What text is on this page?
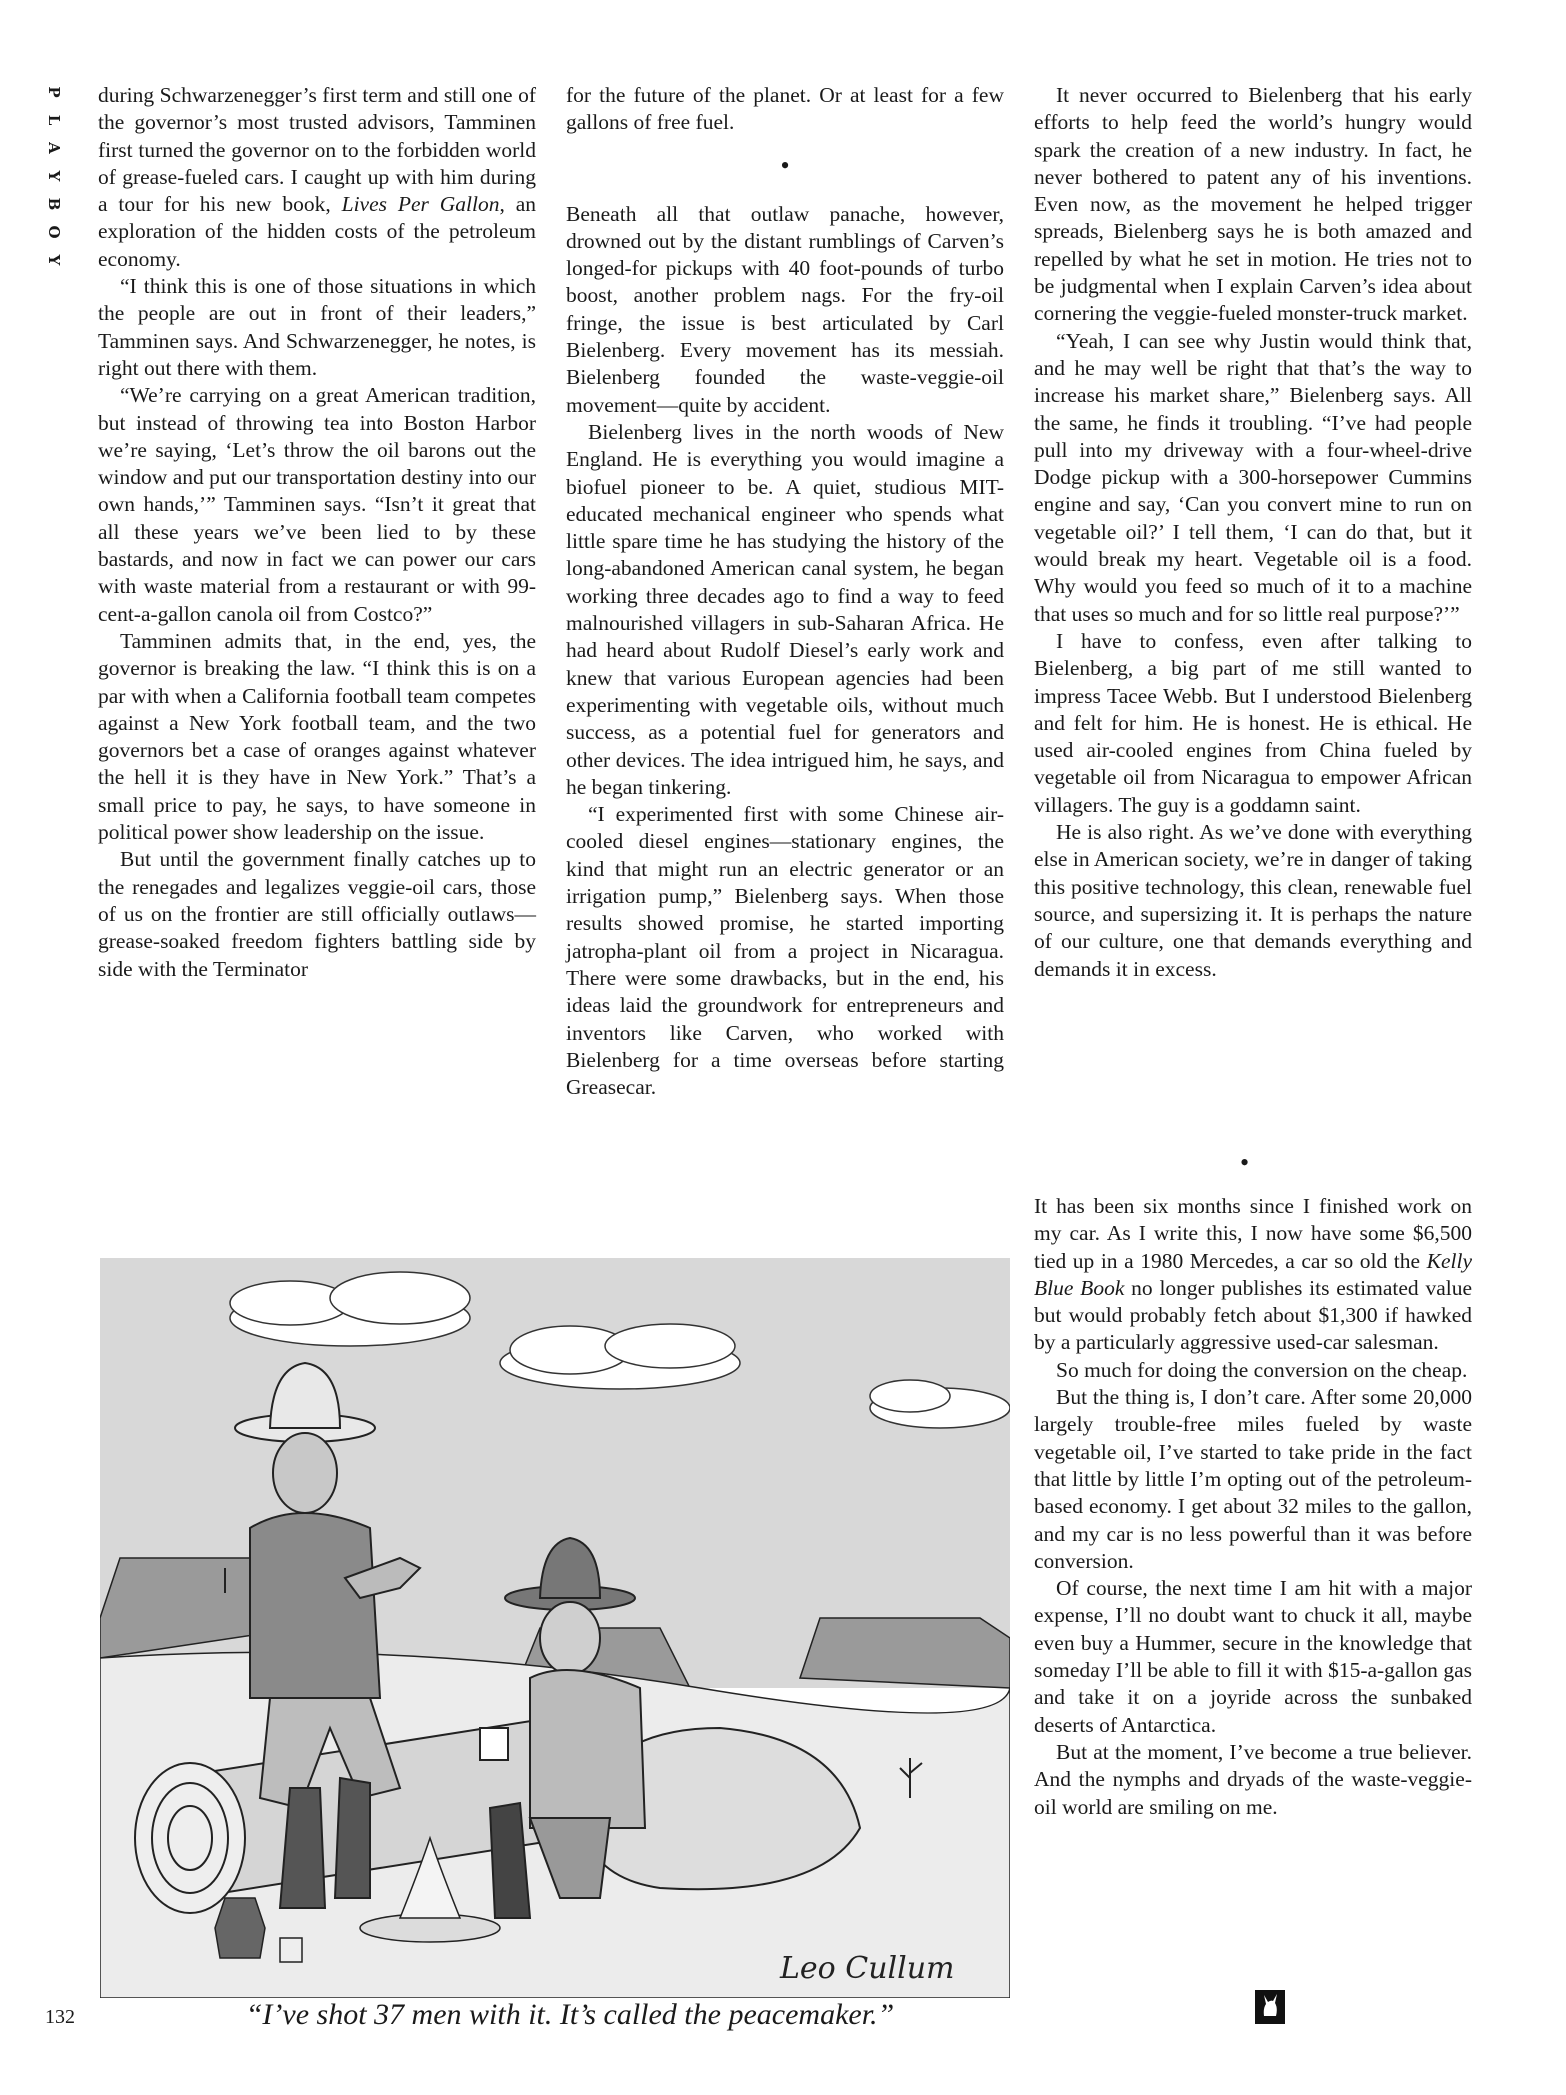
P
L
A
Y
B
O
Y

during Schwarzenegger’s first term and still one of the governor’s most trusted advisors, Tamminen first turned the governor on to the forbidden world of grease-fueled cars. I caught up with him during a tour for his new book, Lives Per Gallon, an exploration of the hidden costs of the petroleum economy.

“I think this is one of those situations in which the people are out in front of their leaders,” Tamminen says. And Schwarzenegger, he notes, is right out there with them.

“We’re carrying on a great American tradition, but instead of throwing tea into Boston Harbor we’re saying, ‘Let’s throw the oil barons out the window and put our transportation destiny into our own hands,’” Tamminen says. “Isn’t it great that all these years we’ve been lied to by these bastards, and now in fact we can power our cars with waste material from a restaurant or with 99-cent-a-gallon canola oil from Costco?”

Tamminen admits that, in the end, yes, the governor is breaking the law. “I think this is on a par with when a California football team competes against a New York football team, and the two governors bet a case of oranges against whatever the hell it is they have in New York.” That’s a small price to pay, he says, to have someone in political power show leadership on the issue.

But until the government finally catches up to the renegades and legalizes veggie-oil cars, those of us on the frontier are still officially outlaws—grease-soaked freedom fighters battling side by side with the Terminator

for the future of the planet. Or at least for a few gallons of free fuel.

•

Beneath all that outlaw panache, however, drowned out by the distant rumblings of Carven’s longed-for pickups with 40 foot-pounds of turbo boost, another problem nags. For the fry-oil fringe, the issue is best articulated by Carl Bielenberg. Every movement has its messiah. Bielenberg founded the waste-veggie-oil movement—quite by accident.

Bielenberg lives in the north woods of New England. He is everything you would imagine a biofuel pioneer to be. A quiet, studious MIT-educated mechanical engineer who spends what little spare time he has studying the history of the long-abandoned American canal system, he began working three decades ago to find a way to feed malnourished villagers in sub-Saharan Africa. He had heard about Rudolf Diesel’s early work and knew that various European agencies had been experimenting with vegetable oils, without much success, as a potential fuel for generators and other devices. The idea intrigued him, he says, and he began tinkering.

“I experimented first with some Chinese air-cooled diesel engines—stationary engines, the kind that might run an electric generator or an irrigation pump,” Bielenberg says. When those results showed promise, he started importing jatropha-plant oil from a project in Nicaragua. There were some drawbacks, but in the end, his ideas laid the groundwork for entrepreneurs and inventors like Carven, who worked with Bielenberg for a time overseas before starting Greasecar.

It never occurred to Bielenberg that his early efforts to help feed the world’s hungry would spark the creation of a new industry. In fact, he never bothered to patent any of his inventions. Even now, as the movement he helped trigger spreads, Bielenberg says he is both amazed and repelled by what he set in motion. He tries not to be judgmental when I explain Carven’s idea about cornering the veggie-fueled monster-truck market.

“Yeah, I can see why Justin would think that, and he may well be right that that’s the way to increase his market share,” Bielenberg says. All the same, he finds it troubling. “I’ve had people pull into my driveway with a four-wheel-drive Dodge pickup with a 300-horsepower Cummins engine and say, ‘Can you convert mine to run on vegetable oil?’ I tell them, ‘I can do that, but it would break my heart. Vegetable oil is a food. Why would you feed so much of it to a machine that uses so much and for so little real purpose?’”

I have to confess, even after talking to Bielenberg, a big part of me still wanted to impress Tacee Webb. But I understood Bielenberg and felt for him. He is honest. He is ethical. He used air-cooled engines from China fueled by vegetable oil from Nicaragua to empower African villagers. The guy is a goddamn saint.

He is also right. As we’ve done with everything else in American society, we’re in danger of taking this positive technology, this clean, renewable fuel source, and supersizing it. It is perhaps the nature of our culture, one that demands everything and demands it in excess.

•

It has been six months since I finished work on my car. As I write this, I now have some $6,500 tied up in a 1980 Mercedes, a car so old the Kelly Blue Book no longer publishes its estimated value but would probably fetch about $1,300 if hawked by a particularly aggressive used-car salesman.

So much for doing the conversion on the cheap.

But the thing is, I don’t care. After some 20,000 largely trouble-free miles fueled by waste vegetable oil, I’ve started to take pride in the fact that little by little I’m opting out of the petroleum-based economy. I get about 32 miles to the gallon, and my car is no less powerful than it was before conversion.

Of course, the next time I am hit with a major expense, I’ll no doubt want to chuck it all, maybe even buy a Hummer, secure in the knowledge that someday I’ll be able to fill it with $15-a-gallon gas and take it on a joyride across the sunbaked deserts of Antarctica.

But at the moment, I’ve become a true believer. And the nymphs and dryads of the waste-veggie-oil world are smiling on me.

Leo Cullum
“I’ve shot 37 men with it. It’s called the peacemaker.”
132
